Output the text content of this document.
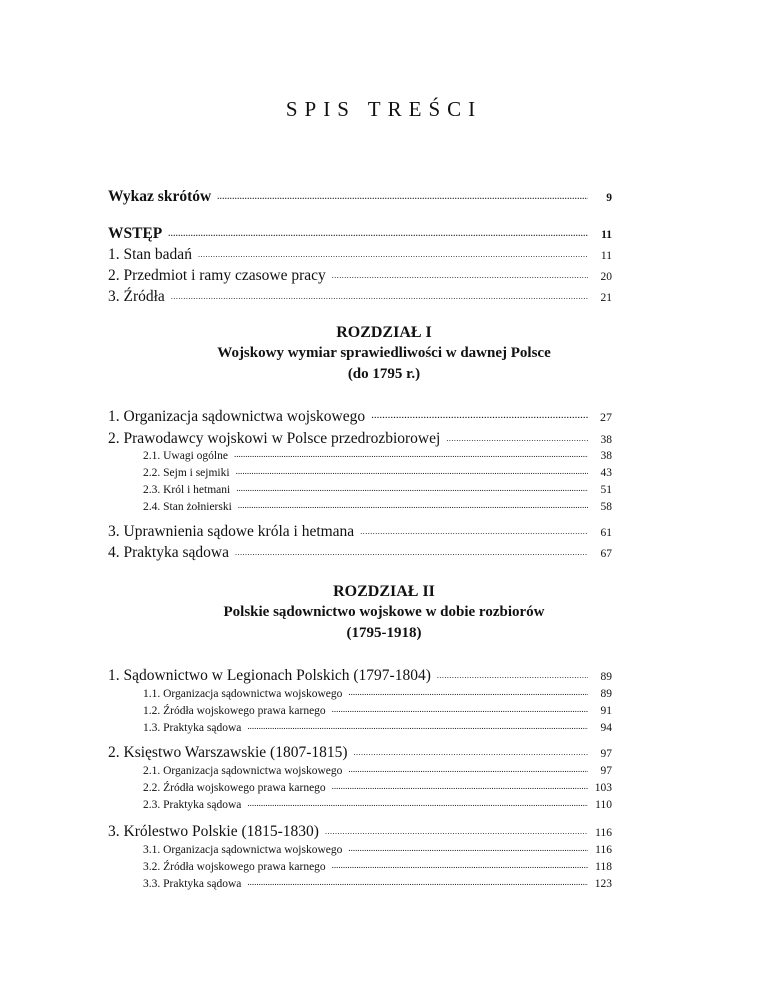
SPIS TREŚCI
Wykaz skrótów .....	9
WSTĘP .....	11
1. Stan badań .....	11
2. Przedmiot i ramy czasowe pracy .....	20
3. Źródła .....	21
ROZDZIAŁ I
Wojskowy wymiar sprawiedliwości w dawnej Polsce
(do 1795 r.)
1. Organizacja sądownictwa wojskowego .....	27
2. Prawodawcy wojskowi w Polsce przedrozbiorowej .....	38
2.1. Uwagi ogólne .....	38
2.2. Sejm i sejmiki .....	43
2.3. Król i hetmani .....	51
2.4. Stan żołnierski .....	58
3. Uprawnienia sądowe króla i hetmana .....	61
4. Praktyka sądowa .....	67
ROZDZIAŁ II
Polskie sądownictwo wojskowe w dobie rozbiorów
(1795-1918)
1. Sądownictwo w Legionach Polskich (1797-1804) .....	89
1.1. Organizacja sądownictwa wojskowego .....	89
1.2. Źródła wojskowego prawa karnego .....	91
1.3. Praktyka sądowa .....	94
2. Księstwo Warszawskie (1807-1815) .....	97
2.1. Organizacja sądownictwa wojskowego .....	97
2.2. Źródła wojskowego prawa karnego .....	103
2.3. Praktyka sądowa .....	110
3. Królestwo Polskie (1815-1830) .....	116
3.1. Organizacja sądownictwa wojskowego .....	116
3.2. Źródła wojskowego prawa karnego .....	118
3.3. Praktyka sądowa .....	123
